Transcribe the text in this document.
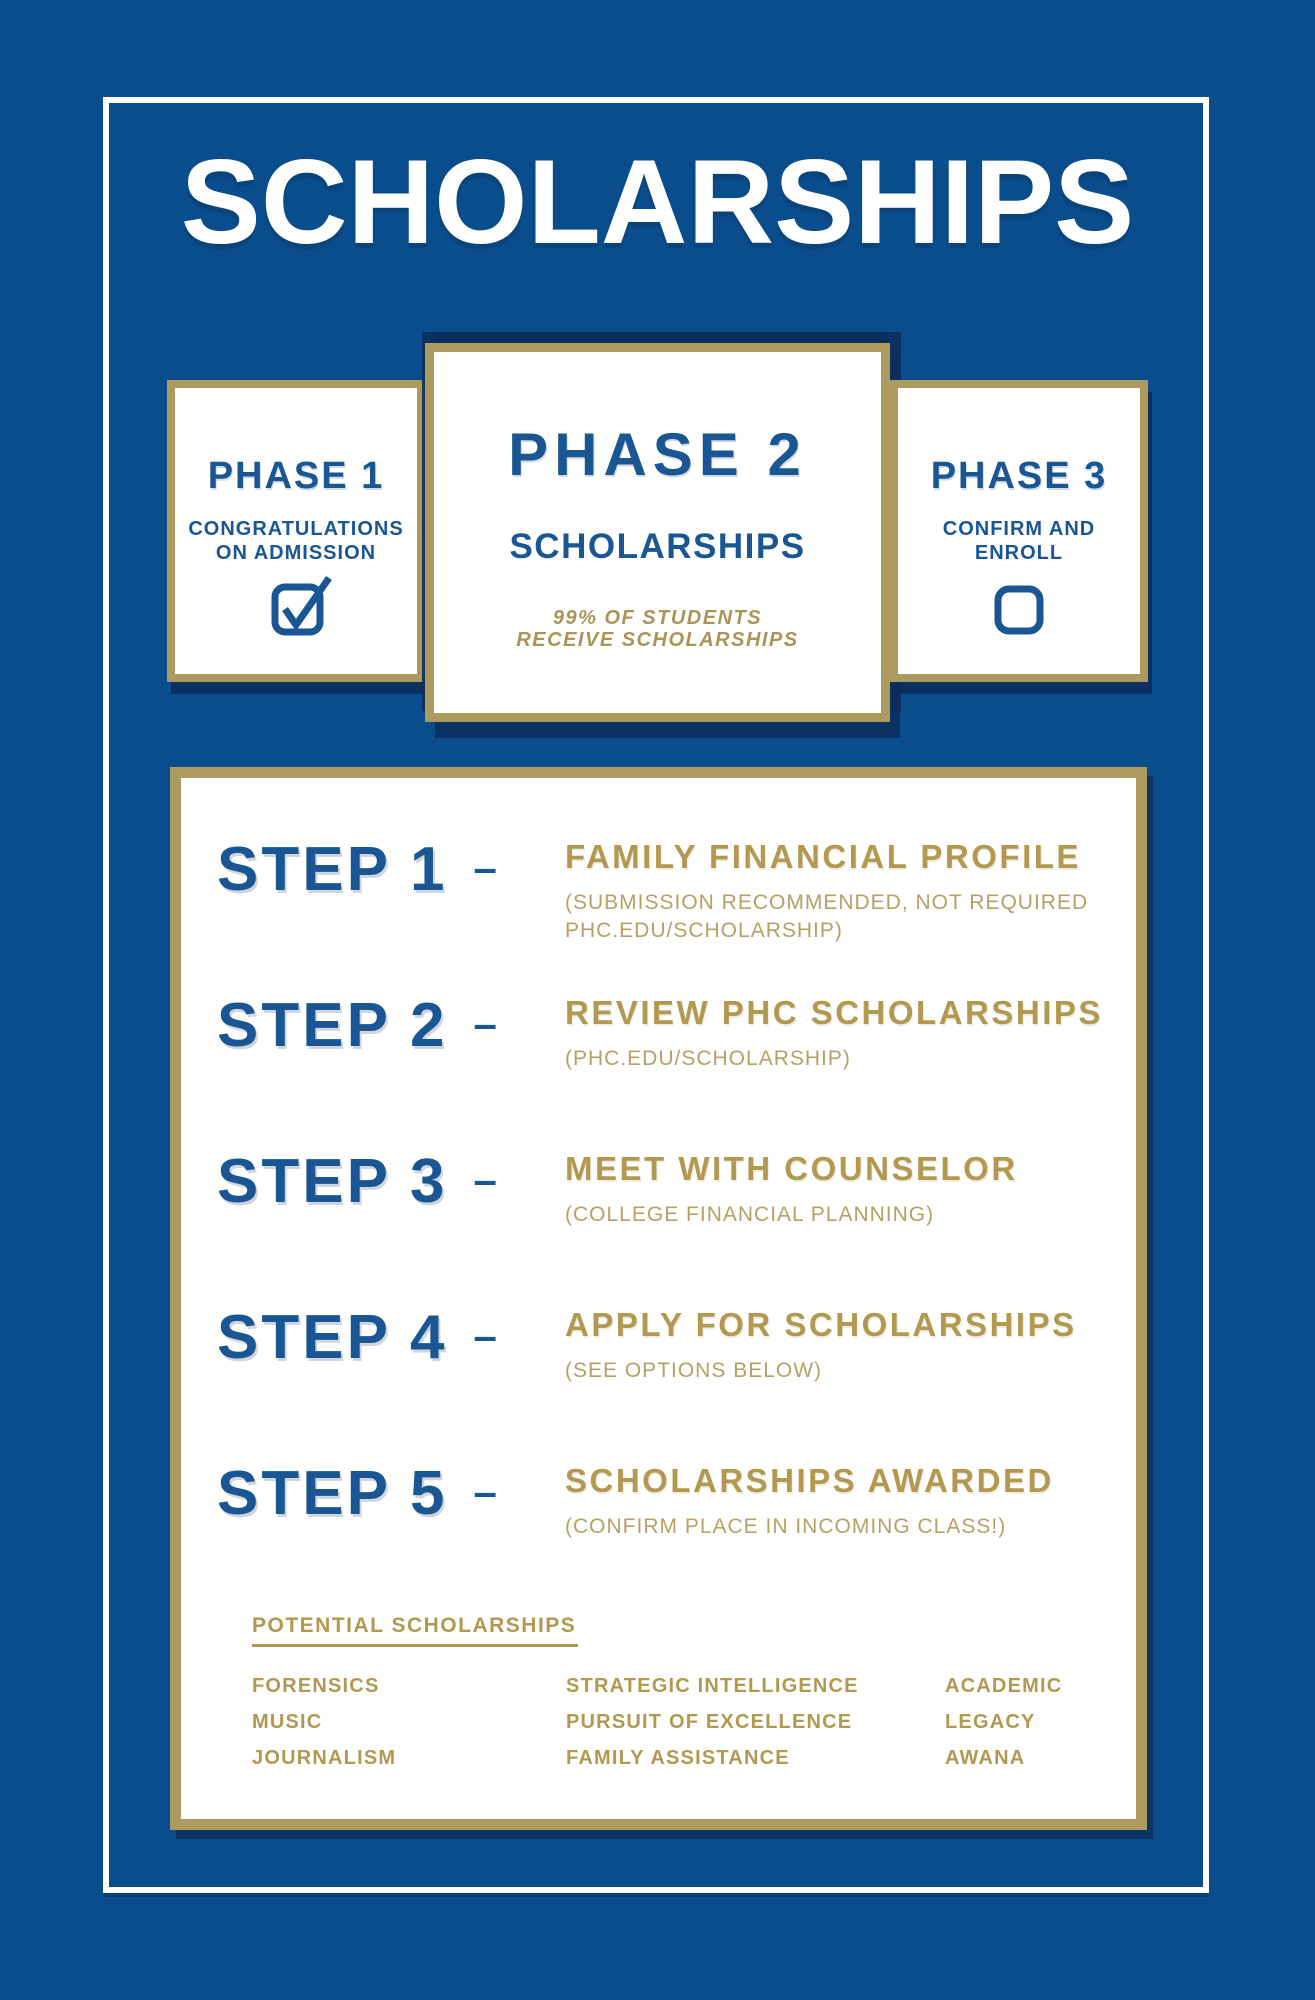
SCHOLARSHIPS
PHASE 1

CONGRATULATIONS
ON ADMISSION

PHASE 2

SCHOLARSHIPS

99% OF STUDENTS
RECEIVE SCHOLARSHIPS

PHASE 3

CONFIRM AND
ENROLL

STEP 1 – FAMILY FINANCIAL PROFILE

(SUBMISSION RECOMMENDED, NOT REQUIRED

PHC.EDU/SCHOLARSHIP)

STEP 2 – REVIEW PHC SCHOLARSHIPS

(PHC.EDU/SCHOLARSHIP)

STEP 3 – MEET WITH COUNSELOR

(COLLEGE FINANCIAL PLANNING)

STEP 4 – APPLY FOR SCHOLARSHIPS

(SEE OPTIONS BELOW)

STEP 5 – SCHOLARSHIPS AWARDED

(CONFIRM PLACE IN INCOMING CLASS!)

POTENTIAL SCHOLARSHIPS

FORENSICS

MUSIC

JOURNALISM

STRATEGIC INTELLIGENCE

PURSUIT OF EXCELLENCE

FAMILY ASSISTANCE

ACADEMIC

LEGACY

AWANA
